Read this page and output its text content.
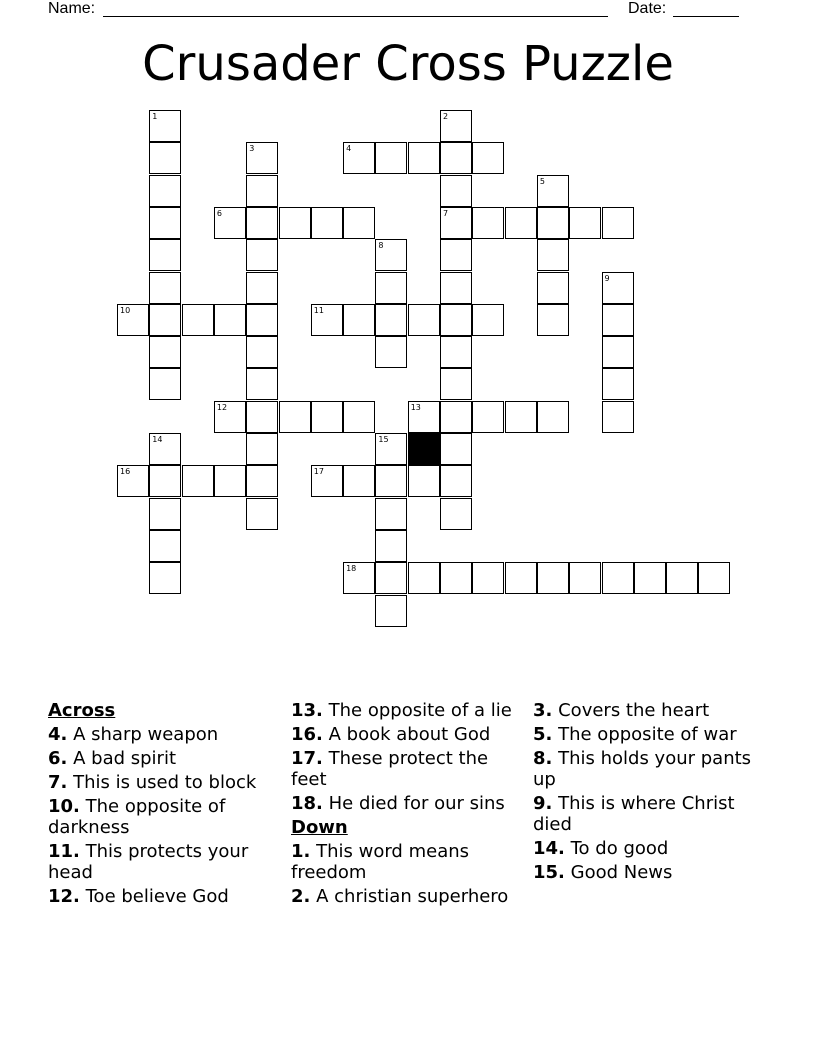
Name:	Date:
Crusader Cross Puzzle
1	2
7
3	4
5
6
8
9
10	11
12	13
14	15
16	17
18
Across
4. A sharp weapon
6. A bad spirit
7. This is used to block
10. The opposite of darkness
11. This protects your head
12. Toe believe God
13. The opposite of a lie
16. A book about God
17. These protect the feet
18. He died for our sins
Down
1. This word means freedom
2. A christian superhero
3. Covers the heart
5. The opposite of war
8. This holds your pants up
9. This is where Christ died
14. To do good
15. Good News
